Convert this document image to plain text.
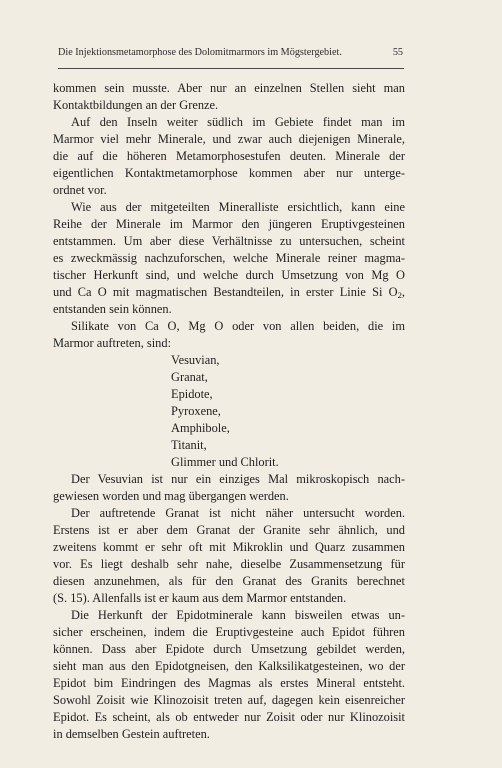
Die Injektionsmetamorphose des Dolomitmarmors im Mögstergebiet.	55

kommen sein musste. Aber nur an einzelnen Stellen sieht man

Kontaktbildungen an der Grenze.

Auf den Inseln weiter südlich im Gebiete findet man im

Marmor viel mehr Minerale, und zwar auch diejenigen Minerale,

die auf die höheren Metamorphosestufen deuten. Minerale der

eigentlichen Kontaktmetamorphose kommen aber nur unterge-

ordnet vor.

Wie aus der mitgeteilten Mineralliste ersichtlich, kann eine

Reihe der Minerale im Marmor den jüngeren Eruptivgesteinen

entstammen. Um aber diese Verhältnisse zu untersuchen, scheint

es zweckmässig nachzuforschen, welche Minerale reiner magma-

tischer Herkunft sind, und welche durch Umsetzung von Mg O

und Ca O mit magmatischen Bestandteilen, in erster Linie Si $O_2$,

entstanden sein können.

Silikate von Ca O, Mg O oder von allen beiden, die im

Marmor auftreten, sind:

Vesuvian,
Granat,
Epidote,
Pyroxene,
Amphibole,
Titanit,
Glimmer und Chlorit.

Der Vesuvian ist nur ein einziges Mal mikroskopisch nach-

gewiesen worden und mag übergangen werden.

Der auftretende Granat ist nicht näher untersucht worden.

Erstens ist er aber dem Granat der Granite sehr ähnlich, und

zweitens kommt er sehr oft mit Mikroklin und Quarz zusammen

vor. Es liegt deshalb sehr nahe, dieselbe Zusammensetzung für

diesen anzunehmen, als für den Granat des Granits berechnet

(S. 15). Allenfalls ist er kaum aus dem Marmor entstanden.

Die Herkunft der Epidotminerale kann bisweilen etwas un-

sicher erscheinen, indem die Eruptivgesteine auch Epidot führen

können. Dass aber Epidote durch Umsetzung gebildet werden,

sieht man aus den Epidotgneisen, den Kalksilikatgesteinen, wo der

Epidot bim Eindringen des Magmas als erstes Mineral entsteht.

Sowohl Zoisit wie Klinozoisit treten auf, dagegen kein eisenreicher

Epidot. Es scheint, als ob entweder nur Zoisit oder nur Klinozoisit

in demselben Gestein auftreten.
